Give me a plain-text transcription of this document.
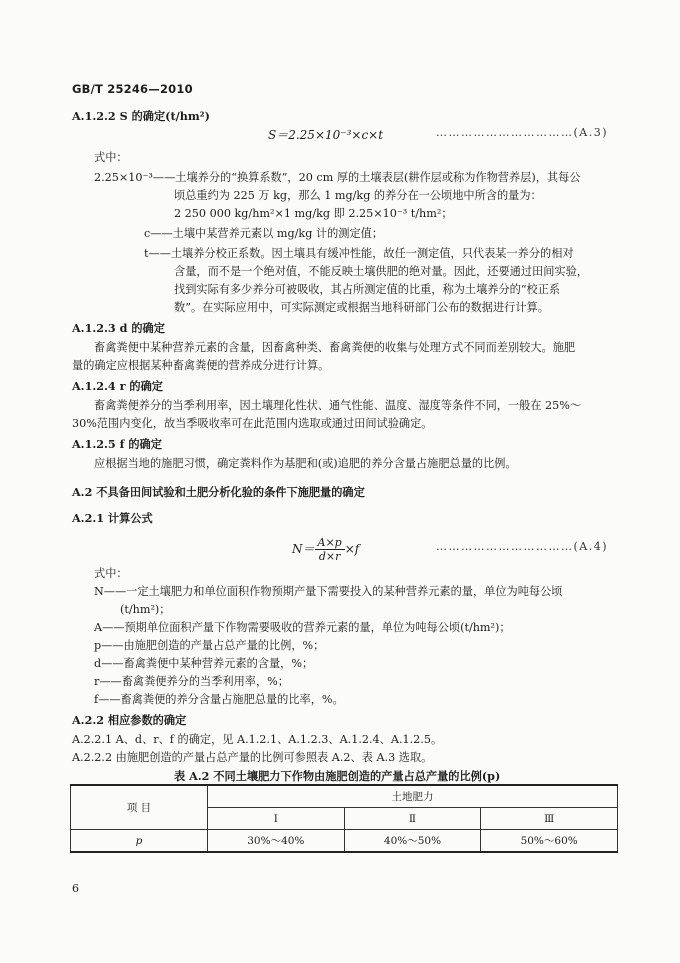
GB/T 25246—2010
A.1.2.2 S 的确定(t/hm²)
S＝2.25×10⁻³×c×t	……………………………(A.3)
式中：
2.25×10⁻³——土壤养分的“换算系数”，20 cm 厚的土壤表层(耕作层或称为作物营养层)，其每公
顷总重约为 225 万 kg，那么 1 mg/kg 的养分在一公顷地中所含的量为：
2 250 000 kg/hm²×1 mg/kg 即 2.25×10⁻³ t/hm²；
c——土壤中某营养元素以 mg/kg 计的测定值；
t——土壤养分校正系数。因土壤具有缓冲性能，故任一测定值，只代表某一养分的相对
含量，而不是一个绝对值，不能反映土壤供肥的绝对量。因此，还要通过田间实验，
找到实际有多少养分可被吸收，其占所测定值的比重，称为土壤养分的“校正系
数”。在实际应用中，可实际测定或根据当地科研部门公布的数据进行计算。
A.1.2.3 d 的确定
畜禽粪便中某种营养元素的含量，因畜禽种类、畜禽粪便的收集与处理方式不同而差别较大。施肥
量的确定应根据某种畜禽粪便的营养成分进行计算。
A.1.2.4 r 的确定
畜禽粪便养分的当季利用率，因土壤理化性状、通气性能、温度、湿度等条件不同，一般在 25%～
30%范围内变化，故当季吸收率可在此范围内选取或通过田间试验确定。
A.1.2.5 f 的确定
应根据当地的施肥习惯，确定粪料作为基肥和(或)追肥的养分含量占施肥总量的比例。
A.2 不具备田间试验和土肥分析化验的条件下施肥量的确定
A.2.1 计算公式
$N= \frac{A\times p}{d\times r} \times f$	……………………………(A.4)
式中：
N——一定土壤肥力和单位面积作物预期产量下需要投入的某种营养元素的量，单位为吨每公顷
(t/hm²)；
A——预期单位面积产量下作物需要吸收的营养元素的量，单位为吨每公顷(t/hm²)；
p——由施肥创造的产量占总产量的比例，%；
d——畜禽粪便中某种营养元素的含量，%；
r——畜禽粪便养分的当季利用率，%；
f——畜禽粪便的养分含量占施肥总量的比率，%。
A.2.2 相应参数的确定
A.2.2.1 A、d、r、f 的确定，见 A.1.2.1、A.1.2.3、A.1.2.4、A.1.2.5。
A.2.2.2 由施肥创造的产量占总产量的比例可参照表 A.2、表 A.3 选取。
表 A.2 不同土壤肥力下作物由施肥创造的产量占总产量的比例(p)
项 目	土地肥力		
	Ⅰ	Ⅱ	Ⅲ
p	30%～40%	40%～50%	50%～60%
6
